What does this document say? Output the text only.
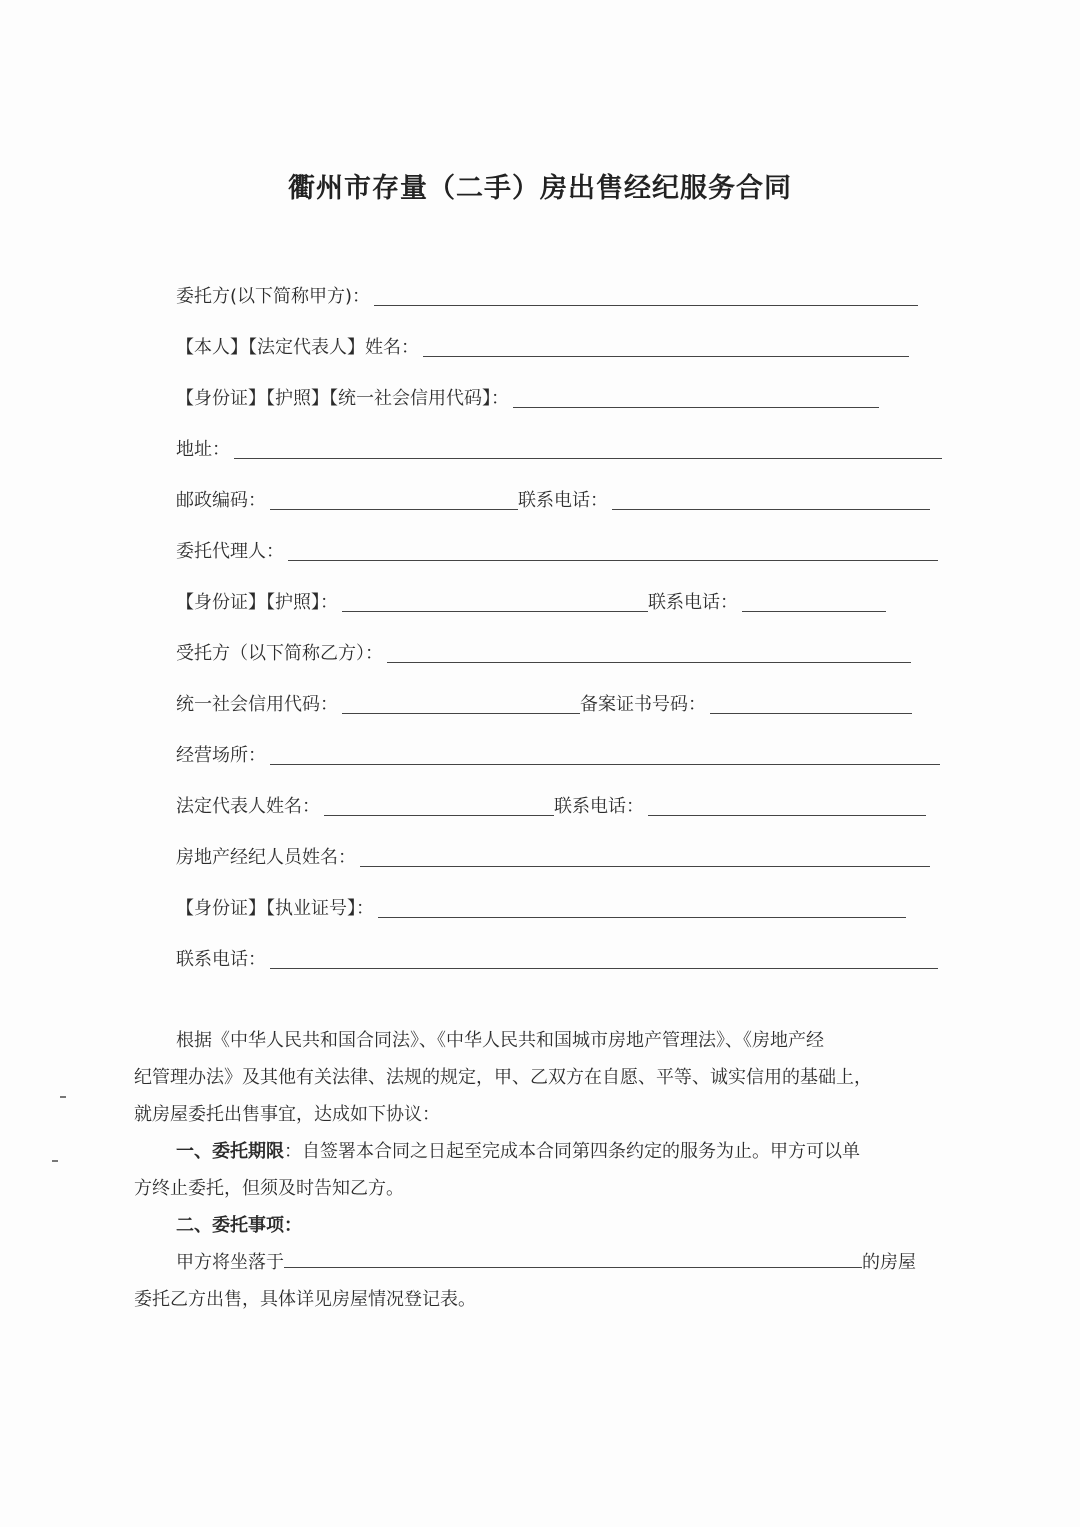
衢州市存量（二手）房出售经纪服务合同
委托方(以下简称甲方)：
【本人】【法定代表人】姓名：
【身份证】【护照】【统一社会信用代码】：
地址：
邮政编码：	联系电话：
委托代理人：
【身份证】【护照】：	联系电话：
受托方（以下简称乙方）：
统一社会信用代码：	备案证书号码：
经营场所：
法定代表人姓名：	联系电话：
房地产经纪人员姓名：
【身份证】【执业证号】：
联系电话：

根据《中华人民共和国合同法》、《中华人民共和国城市房地产管理法》、《房地产经

纪管理办法》及其他有关法律、法规的规定，甲、乙双方在自愿、平等、诚实信用的基础上，

就房屋委托出售事宜，达成如下协议：

一、委托期限：自签署本合同之日起至完成本合同第四条约定的服务为止。甲方可以单

方终止委托，但须及时告知乙方。

二、委托事项：

甲方将坐落于	的房屋

委托乙方出售，具体详见房屋情况登记表。
